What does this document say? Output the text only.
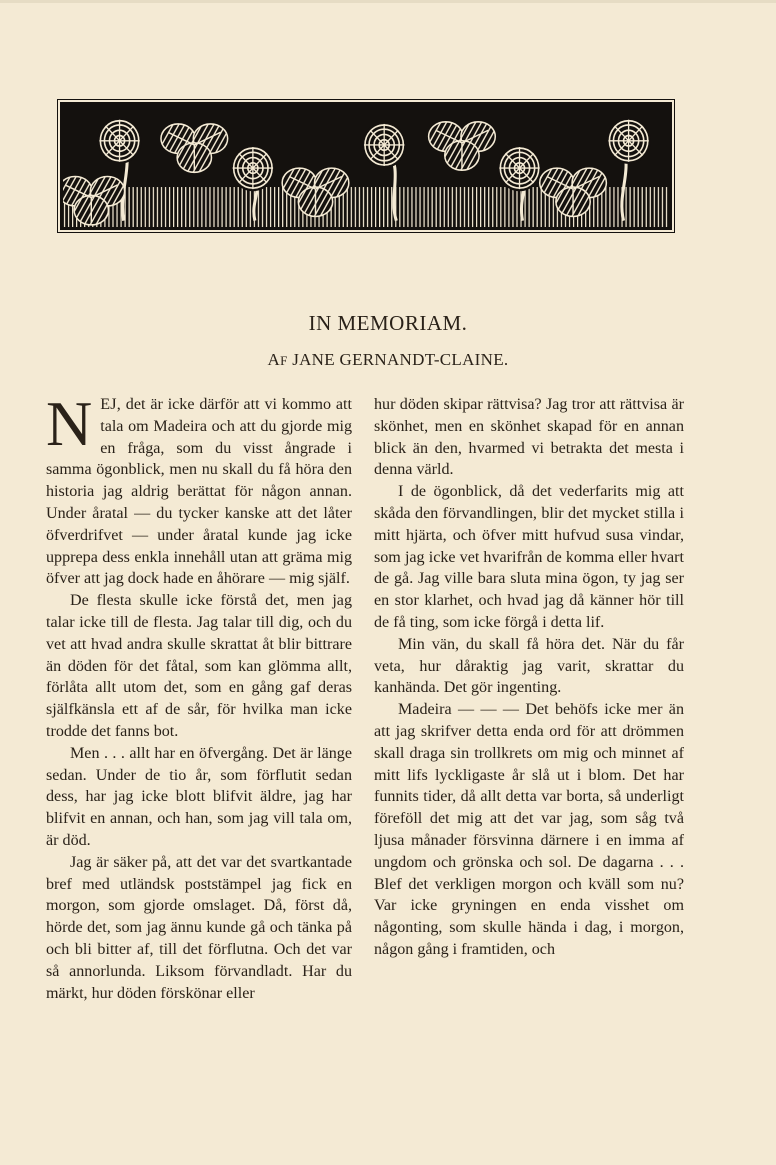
IN MEMORIAM.
AF JANE GERNANDT-CLAINE.

NEJ, det är icke därför att vi kommo att tala om Madeira och att du gjorde mig en fråga, som du visst ångrade i samma ögonblick, men nu skall du få höra den historia jag aldrig berättat för någon annan. Under åratal — du tycker kanske att det låter öfverdrifvet — under åratal kunde jag icke upprepa dess enkla innehåll utan att gräma mig öfver att jag dock hade en åhörare — mig själf.

De flesta skulle icke förstå det, men jag talar icke till de flesta. Jag talar till dig, och du vet att hvad andra skulle skrattat åt blir bittrare än döden för det fåtal, som kan glömma allt, förlåta allt utom det, som en gång gaf deras själfkänsla ett af de sår, för hvilka man icke trodde det fanns bot.

Men . . . allt har en öfvergång. Det är länge sedan. Under de tio år, som förflutit sedan dess, har jag icke blott blifvit äldre, jag har blifvit en annan, och han, som jag vill tala om, är död.

Jag är säker på, att det var det svartkantade bref med utländsk poststämpel jag fick en morgon, som gjorde omslaget. Då, först då, hörde det, som jag ännu kunde gå och tänka på och bli bitter af, till det förflutna. Och det var så annorlunda. Liksom förvandladt. Har du märkt, hur döden förskönar eller

hur döden skipar rättvisa? Jag tror att rättvisa är skönhet, men en skönhet skapad för en annan blick än den, hvarmed vi betrakta det mesta i denna värld.

I de ögonblick, då det vederfarits mig att skåda den förvandlingen, blir det mycket stilla i mitt hjärta, och öfver mitt hufvud susa vindar, som jag icke vet hvarifrån de komma eller hvart de gå. Jag ville bara sluta mina ögon, ty jag ser en stor klarhet, och hvad jag då känner hör till de få ting, som icke förgå i detta lif.

Min vän, du skall få höra det. När du får veta, hur dåraktig jag varit, skrattar du kanhända. Det gör ingenting.

Madeira — — — Det behöfs icke mer än att jag skrifver detta enda ord för att drömmen skall draga sin trollkrets om mig och minnet af mitt lifs lyckligaste år slå ut i blom. Det har funnits tider, då allt detta var borta, så underligt föreföll det mig att det var jag, som såg två ljusa månader försvinna därnere i en imma af ungdom och grönska och sol. De dagarna . . . Blef det verkligen morgon och kväll som nu? Var icke gryningen en enda visshet om någonting, som skulle hända i dag, i morgon, någon gång i framtiden, och
